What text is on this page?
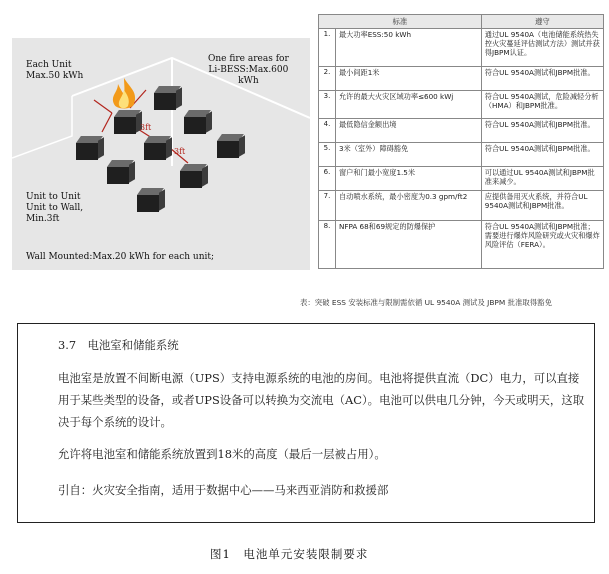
Each Unit
Max.50 kWh
One fire areas for
Li-BESS:Max.600
kWh
Unit to Unit
Unit to Wall,
Min.3ft
Wall Mounted:Max.20 kWh for each unit;
3ft
3ft
标准		遵守
1.	最大功率ESS:50 kWh	通过UL 9540A（电池储能系统热失控火灾蔓延评估测试方法）测试并获得JBPM认证。
2.	最小间距1米	符合UL 9540A测试和JBPM批准。
3.	允许的最大火灾区域功率≤600 kWj	符合UL 9540A测试，危险减轻分析（HMA）和JBPM批准。
4.	最低隐信金额出境	符合UL 9540A测试和JBPM批准。
5.	3米（室外）障碍豁免	符合UL 9540A测试和JBPM批准。
6.	窗户和门最小宽度1.5米	可以通过UL 9540A测试和JBPM批准来减少。
7.	自动喷水系统，最小密度为0.3 gpm/ft2	应提供备用灭火系统，并符合UL 9540A测试和JBPM批准。
8.	NFPA 68和69规定的防爆保护	符合UL 9540A测试和JBPM批准；
需要进行爆炸风险研究或火灾和爆炸风险评估（FERA）。
表：突破 ESS 安装标准与限制需依循 UL 9540A 测试及 JBPM 批准取得豁免

3.7　电池室和储能系统

电池室是放置不间断电源（UPS）支持电源系统的电池的房间。电池将提供直流（DC）电力，可以直接用于某些类型的设备，或者UPS设备可以转换为交流电（AC）。电池可以供电几分钟，今天或明天，这取决于每个系统的设计。

允许将电池室和储能系统放置到18米的高度（最后一层被占用）。

引自：火灾安全指南，适用于数据中心——马来西亚消防和救援部

图1　电池单元安装限制要求
